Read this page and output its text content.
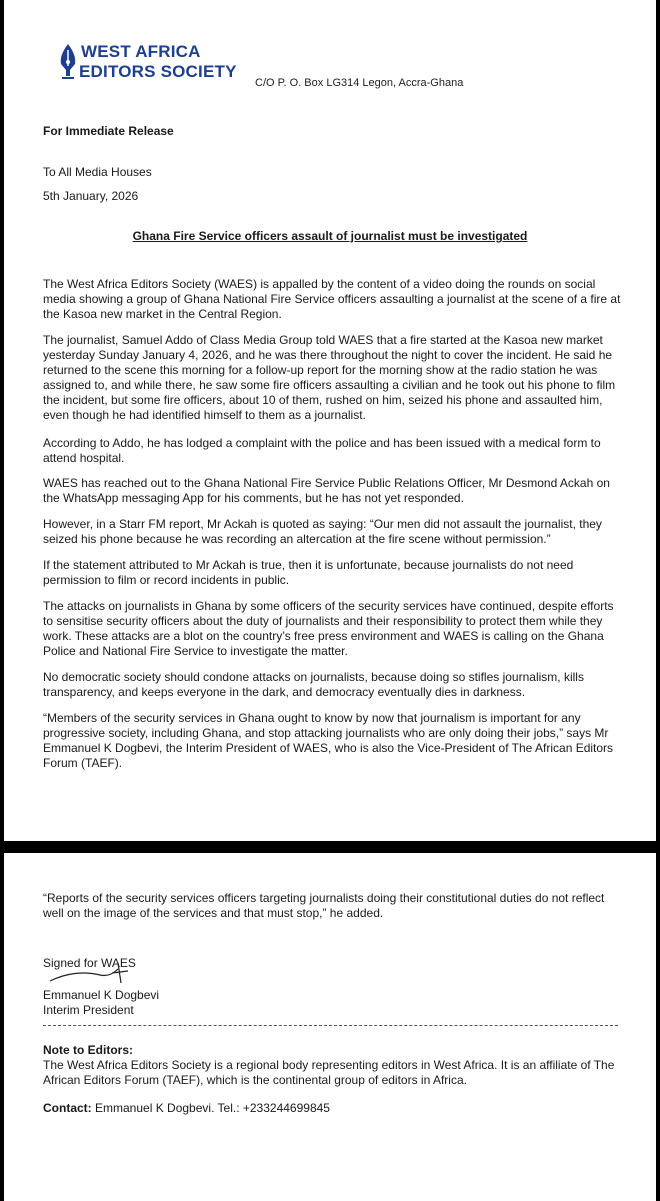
WEST AFRICA
EDITORS SOCIETY
C/O P. O. Box LG314 Legon, Accra-Ghana
For Immediate Release
To All Media Houses
5th January, 2026
Ghana Fire Service officers assault of journalist must be investigated

The West Africa Editors Society (WAES) is appalled by the content of a video doing the rounds on social media showing a group of Ghana National Fire Service officers assaulting a journalist at the scene of a fire at the Kasoa new market in the Central Region.

The journalist, Samuel Addo of Class Media Group told WAES that a fire started at the Kasoa new market yesterday Sunday January 4, 2026, and he was there throughout the night to cover the incident. He said he returned to the scene this morning for a follow-up report for the morning show at the radio station he was assigned to, and while there, he saw some fire officers assaulting a civilian and he took out his phone to film the incident, but some fire officers, about 10 of them, rushed on him, seized his phone and assaulted him, even though he had identified himself to them as a journalist.

According to Addo, he has lodged a complaint with the police and has been issued with a medical form to attend hospital.

WAES has reached out to the Ghana National Fire Service Public Relations Officer, Mr Desmond Ackah on the WhatsApp messaging App for his comments, but he has not yet responded.

However, in a Starr FM report, Mr Ackah is quoted as saying: “Our men did not assault the journalist, they seized his phone because he was recording an altercation at the fire scene without permission.”

If the statement attributed to Mr Ackah is true, then it is unfortunate, because journalists do not need permission to film or record incidents in public.

The attacks on journalists in Ghana by some officers of the security services have continued, despite efforts to sensitise security officers about the duty of journalists and their responsibility to protect them while they work. These attacks are a blot on the country’s free press environment and WAES is calling on the Ghana Police and National Fire Service to investigate the matter.

No democratic society should condone attacks on journalists, because doing so stifles journalism, kills transparency, and keeps everyone in the dark, and democracy eventually dies in darkness.

“Members of the security services in Ghana ought to know by now that journalism is important for any progressive society, including Ghana, and stop attacking journalists who are only doing their jobs,” says Mr Emmanuel K Dogbevi, the Interim President of WAES, who is also the Vice-President of The African Editors Forum (TAEF).

“Reports of the security services officers targeting journalists doing their constitutional duties do not reflect well on the image of the services and that must stop,” he added.

Signed for WAES
Emmanuel K Dogbevi
Interim President
Note to Editors:

The West Africa Editors Society is a regional body representing editors in West Africa. It is an affiliate of The African Editors Forum (TAEF), which is the continental group of editors in Africa.

Contact: Emmanuel K Dogbevi. Tel.: +233244699845
